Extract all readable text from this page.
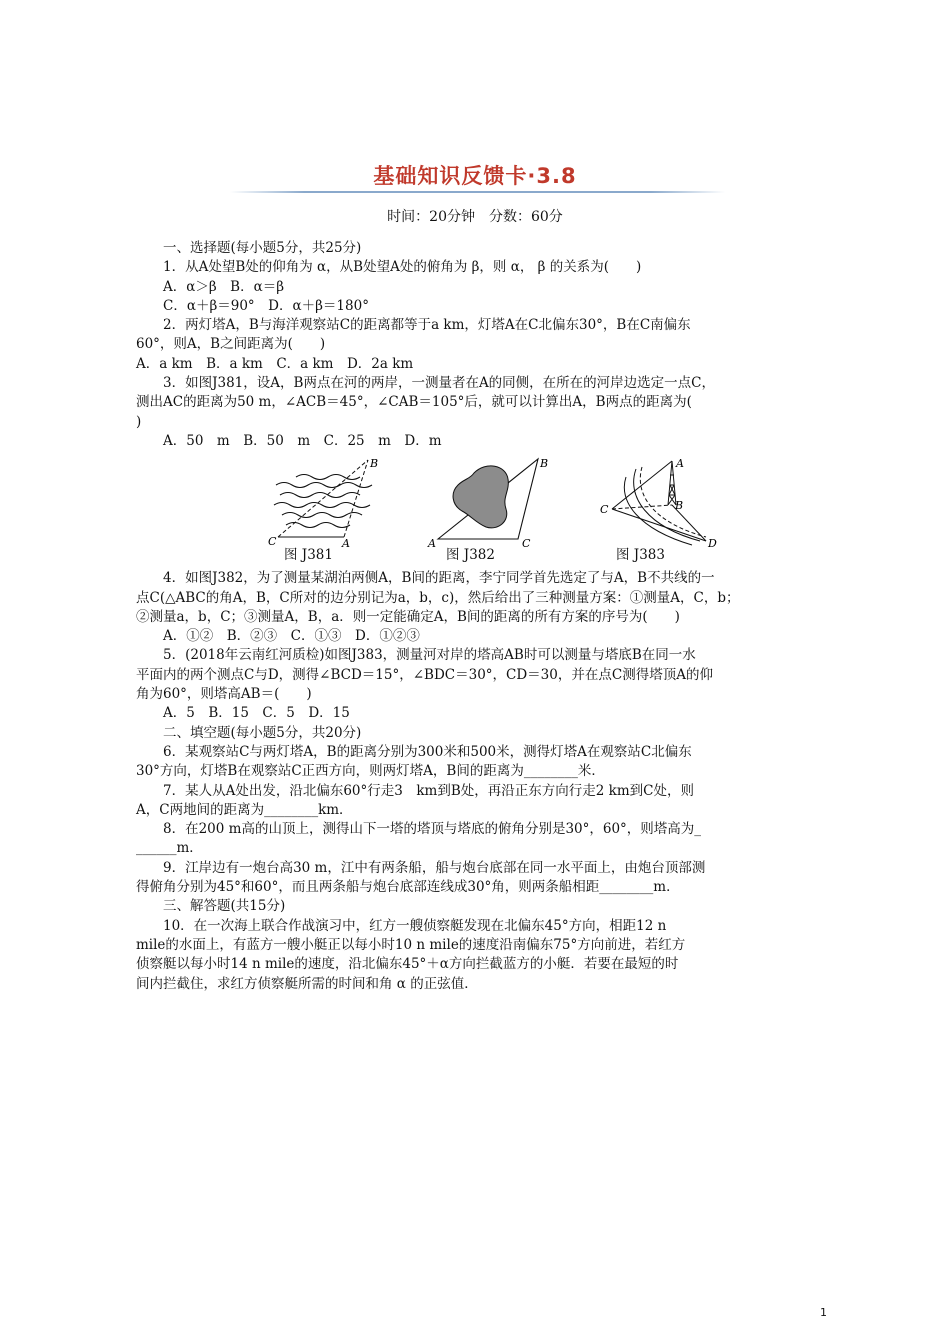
基础知识反馈卡·3.8
时间：20分钟　分数：60分
一、选择题(每小题5分，共25分)
1．从A处望B处的仰角为 α，从B处望A处的俯角为 β，则 α， β 的关系为(　　)
A．α＞β　B．α＝β
C．α＋β＝90°　D．α＋β＝180°
2．两灯塔A，B与海洋观察站C的距离都等于a km，灯塔A在C北偏东30°，B在C南偏东
60°，则A，B之间距离为(　　)
A．a km　B．a km　C．a km　D．2a km
3．如图J381，设A，B两点在河的两岸，一测量者在A的同侧，在所在的河岸边选定一点C，
测出AC的距离为50 m，∠ACB＝45°，∠CAB＝105°后，就可以计算出A，B两点的距离为(
)
A．50　m　B．50　m　C．25　m　D．m
B
C	A
图 J381
B
A	C
图 J382
A
B
C
D
图 J383
4．如图J382，为了测量某湖泊两侧A，B间的距离，李宁同学首先选定了与A，B不共线的一
点C(△ABC的角A，B，C所对的边分别记为a，b，c)，然后给出了三种测量方案：①测量A，C，b；
②测量a，b，C；③测量A，B，a．则一定能确定A，B间的距离的所有方案的序号为(　　)
A．①②　B．②③　C．①③　D．①②③
5．(2018年云南红河质检)如图J383，测量河对岸的塔高AB时可以测量与塔底B在同一水
平面内的两个测点C与D，测得∠BCD＝15°，∠BDC＝30°，CD＝30，并在点C测得塔顶A的仰
角为60°，则塔高AB＝(　　)
A．5　B．15　C．5　D．15
二、填空题(每小题5分，共20分)
6．某观察站C与两灯塔A，B的距离分别为300米和500米，测得灯塔A在观察站C北偏东
30°方向，灯塔B在观察站C正西方向，则两灯塔A，B间的距离为________米．
7．某人从A处出发，沿北偏东60°行走3　km到B处，再沿正东方向行走2 km到C处，则
A，C两地间的距离为________km．
8．在200 m高的山顶上，测得山下一塔的塔顶与塔底的俯角分别是30°，60°，则塔高为_
______m．
9．江岸边有一炮台高30 m，江中有两条船，船与炮台底部在同一水平面上，由炮台顶部测
得俯角分别为45°和60°，而且两条船与炮台底部连线成30°角，则两条船相距________m．
三、解答题(共15分)
10．在一次海上联合作战演习中，红方一艘侦察艇发现在北偏东45°方向，相距12 n
mile的水面上，有蓝方一艘小艇正以每小时10 n mile的速度沿南偏东75°方向前进，若红方
侦察艇以每小时14 n mile的速度，沿北偏东45°＋α方向拦截蓝方的小艇．若要在最短的时
间内拦截住，求红方侦察艇所需的时间和角 α 的正弦值．
1
